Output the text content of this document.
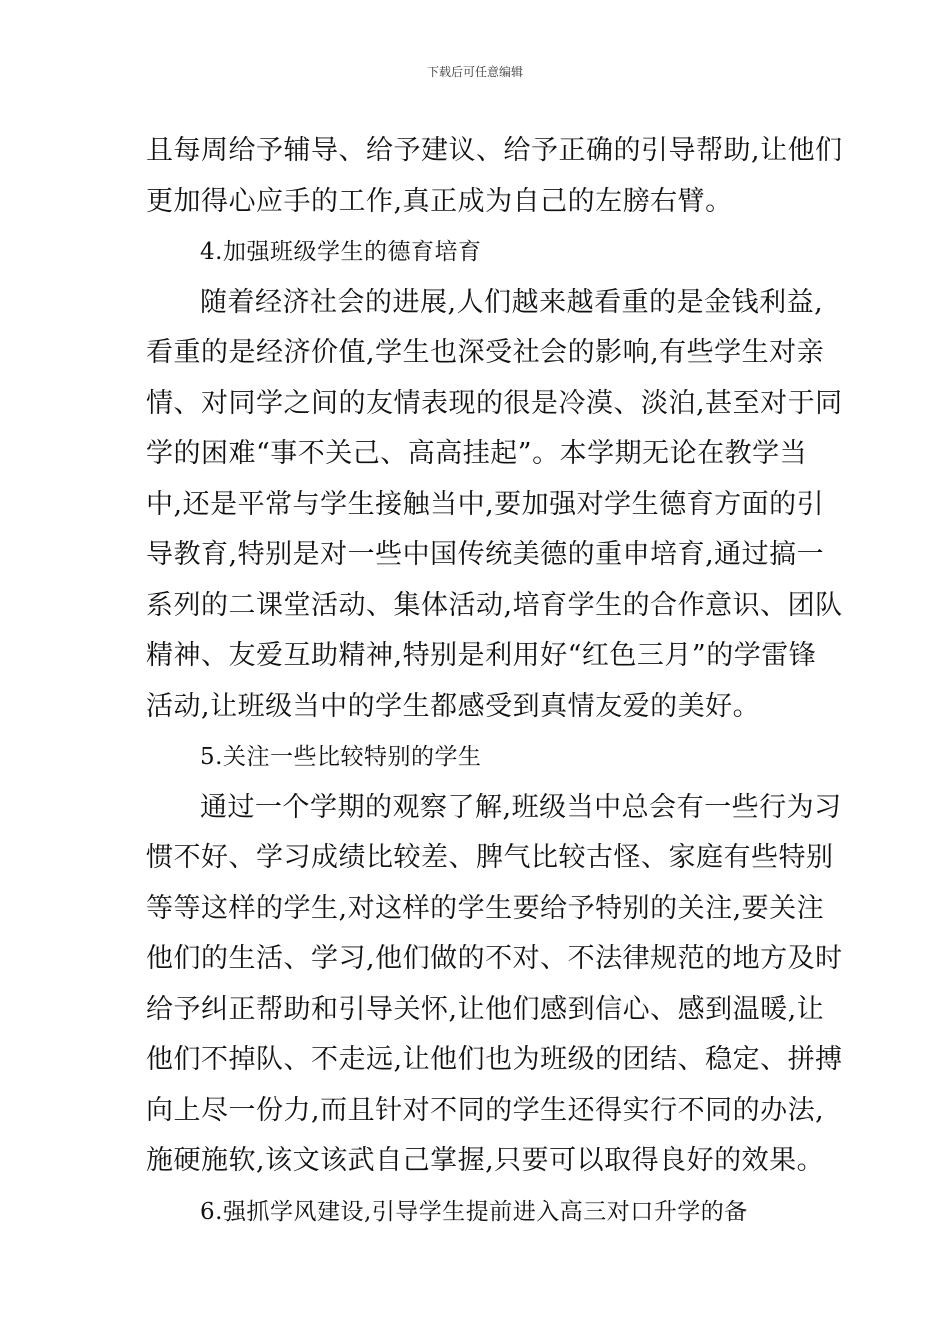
下载后可任意编辑
且每周给予辅导、给予建议、给予正确的引导帮助,让他们
更加得心应手的工作,真正成为自己的左膀右臂。
4.加强班级学生的德育培育
随着经济社会的进展,人们越来越看重的是金钱利益,
看重的是经济价值,学生也深受社会的影响,有些学生对亲
情、对同学之间的友情表现的很是冷漠、淡泊,甚至对于同
学的困难“事不关己、高高挂起”。本学期无论在教学当
中,还是平常与学生接触当中,要加强对学生德育方面的引
导教育,特别是对一些中国传统美德的重申培育,通过搞一
系列的二课堂活动、集体活动,培育学生的合作意识、团队
精神、友爱互助精神,特别是利用好“红色三月”的学雷锋
活动,让班级当中的学生都感受到真情友爱的美好。
5.关注一些比较特别的学生
通过一个学期的观察了解,班级当中总会有一些行为习
惯不好、学习成绩比较差、脾气比较古怪、家庭有些特别
等等这样的学生,对这样的学生要给予特别的关注,要关注
他们的生活、学习,他们做的不对、不法律规范的地方及时
给予纠正帮助和引导关怀,让他们感到信心、感到温暖,让
他们不掉队、不走远,让他们也为班级的团结、稳定、拼搏
向上尽一份力,而且针对不同的学生还得实行不同的办法,
施硬施软,该文该武自己掌握,只要可以取得良好的效果。
6.强抓学风建设,引导学生提前进入高三对口升学的备
